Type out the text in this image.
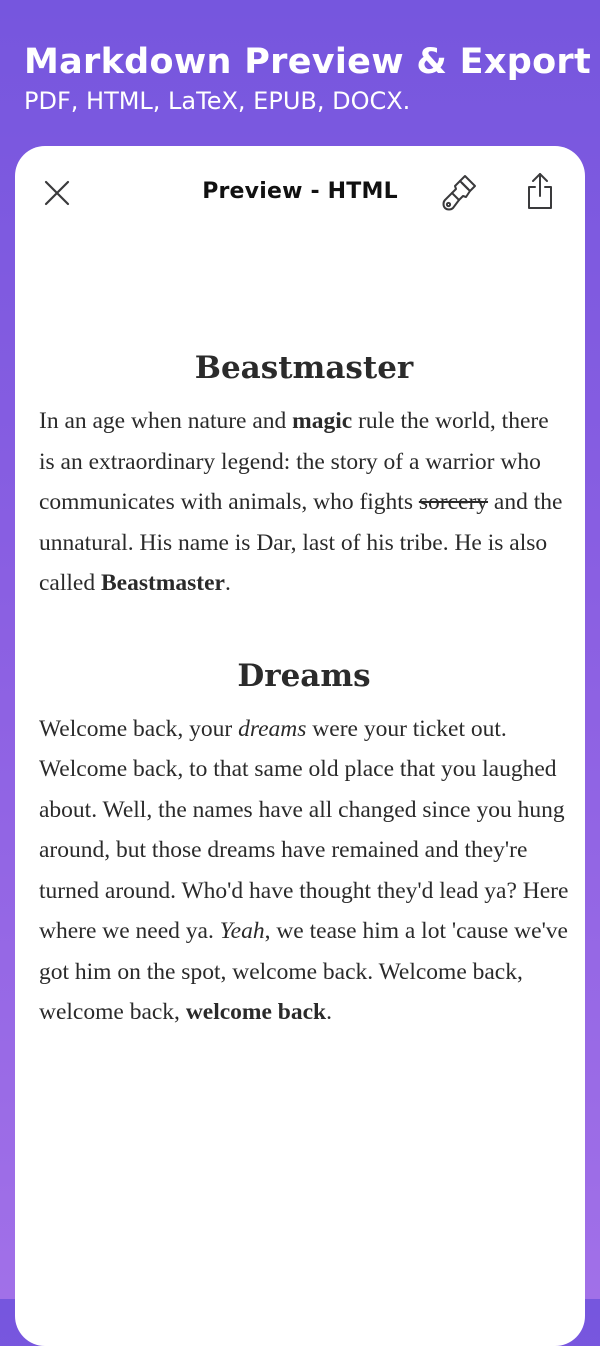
Markdown Preview & Export
PDF, HTML, LaTeX, EPUB, DOCX.
Preview - HTML
Beastmaster

In an age when nature and magic rule the world, there is an extraordinary legend: the story of a warrior who communicates with animals, who fights sorcery and the unnatural. His name is Dar, last of his tribe. He is also called Beastmaster.

Dreams

Welcome back, your dreams were your ticket out. Welcome back, to that same old place that you laughed about. Well, the names have all changed since you hung around, but those dreams have remained and they're turned around. Who'd have thought they'd lead ya? Here where we need ya. Yeah, we tease him a lot 'cause we've got him on the spot, welcome back. Welcome back, welcome back, welcome back.
